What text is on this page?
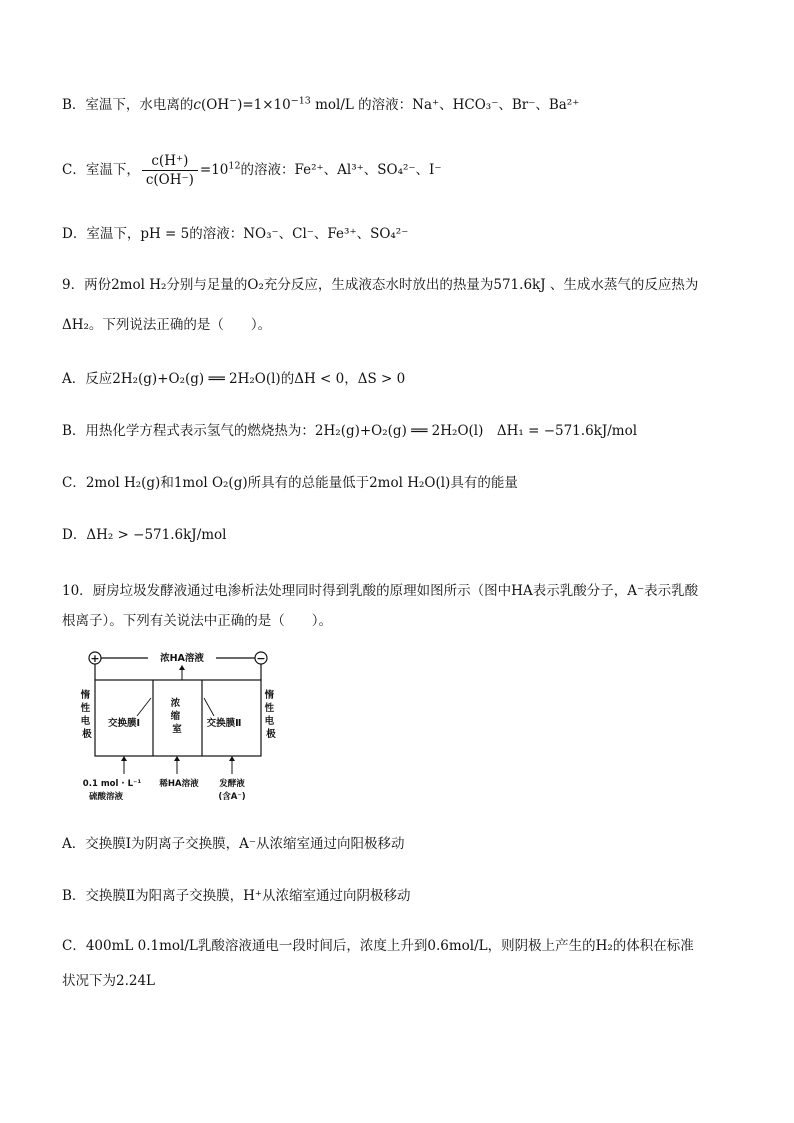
B．室温下，水电离的$c(OH^-)=1\times 10^{-13}$ mol/L 的溶液：Na⁺、HCO₃⁻、Br⁻、Ba²⁺
C．室温下， $\frac{c(H^+)}{c(OH^-)} =10^{12}$的溶液：Fe²⁺、Al³⁺、SO₄²⁻、I⁻
D．室温下，pH = 5的溶液：NO₃⁻、Cl⁻、Fe³⁺、SO₄²⁻
9．两份2mol H₂分别与足量的O₂充分反应，生成液态水时放出的热量为571.6kJ 、生成水蒸气的反应热为
ΔH₂。下列说法正确的是（　　）。
A．反应2H₂(g)+O₂(g) ══ 2H₂O(l)的ΔH < 0，ΔS > 0
B．用热化学方程式表示氢气的燃烧热为：2H₂(g)+O₂(g) ══ 2H₂O(l)　ΔH₁ = −571.6kJ/mol
C．2mol H₂(g)和1mol O₂(g)所具有的总能量低于2mol H₂O(l)具有的能量
D．ΔH₂ > −571.6kJ/mol
10．厨房垃圾发酵液通过电渗析法处理同时得到乳酸的原理如图所示（图中HA表示乳酸分子，A⁻表示乳酸
根离子）。下列有关说法中正确的是（　　）。
+	−
浓HA溶液
惰 性 电 极
惰 性 电 极
交换膜Ⅰ	交换膜Ⅱ
浓 缩 室
0.1 mol · L⁻¹
硫酸溶液
稀HA溶液 发酵液
(含A⁻)
A．交换膜Ⅰ为阴离子交换膜，A⁻从浓缩室通过向阳极移动
B．交换膜Ⅱ为阳离子交换膜，H⁺从浓缩室通过向阴极移动
C．400mL 0.1mol/L乳酸溶液通电一段时间后，浓度上升到0.6mol/L，则阴极上产生的H₂的体积在标准
状况下为2.24L
